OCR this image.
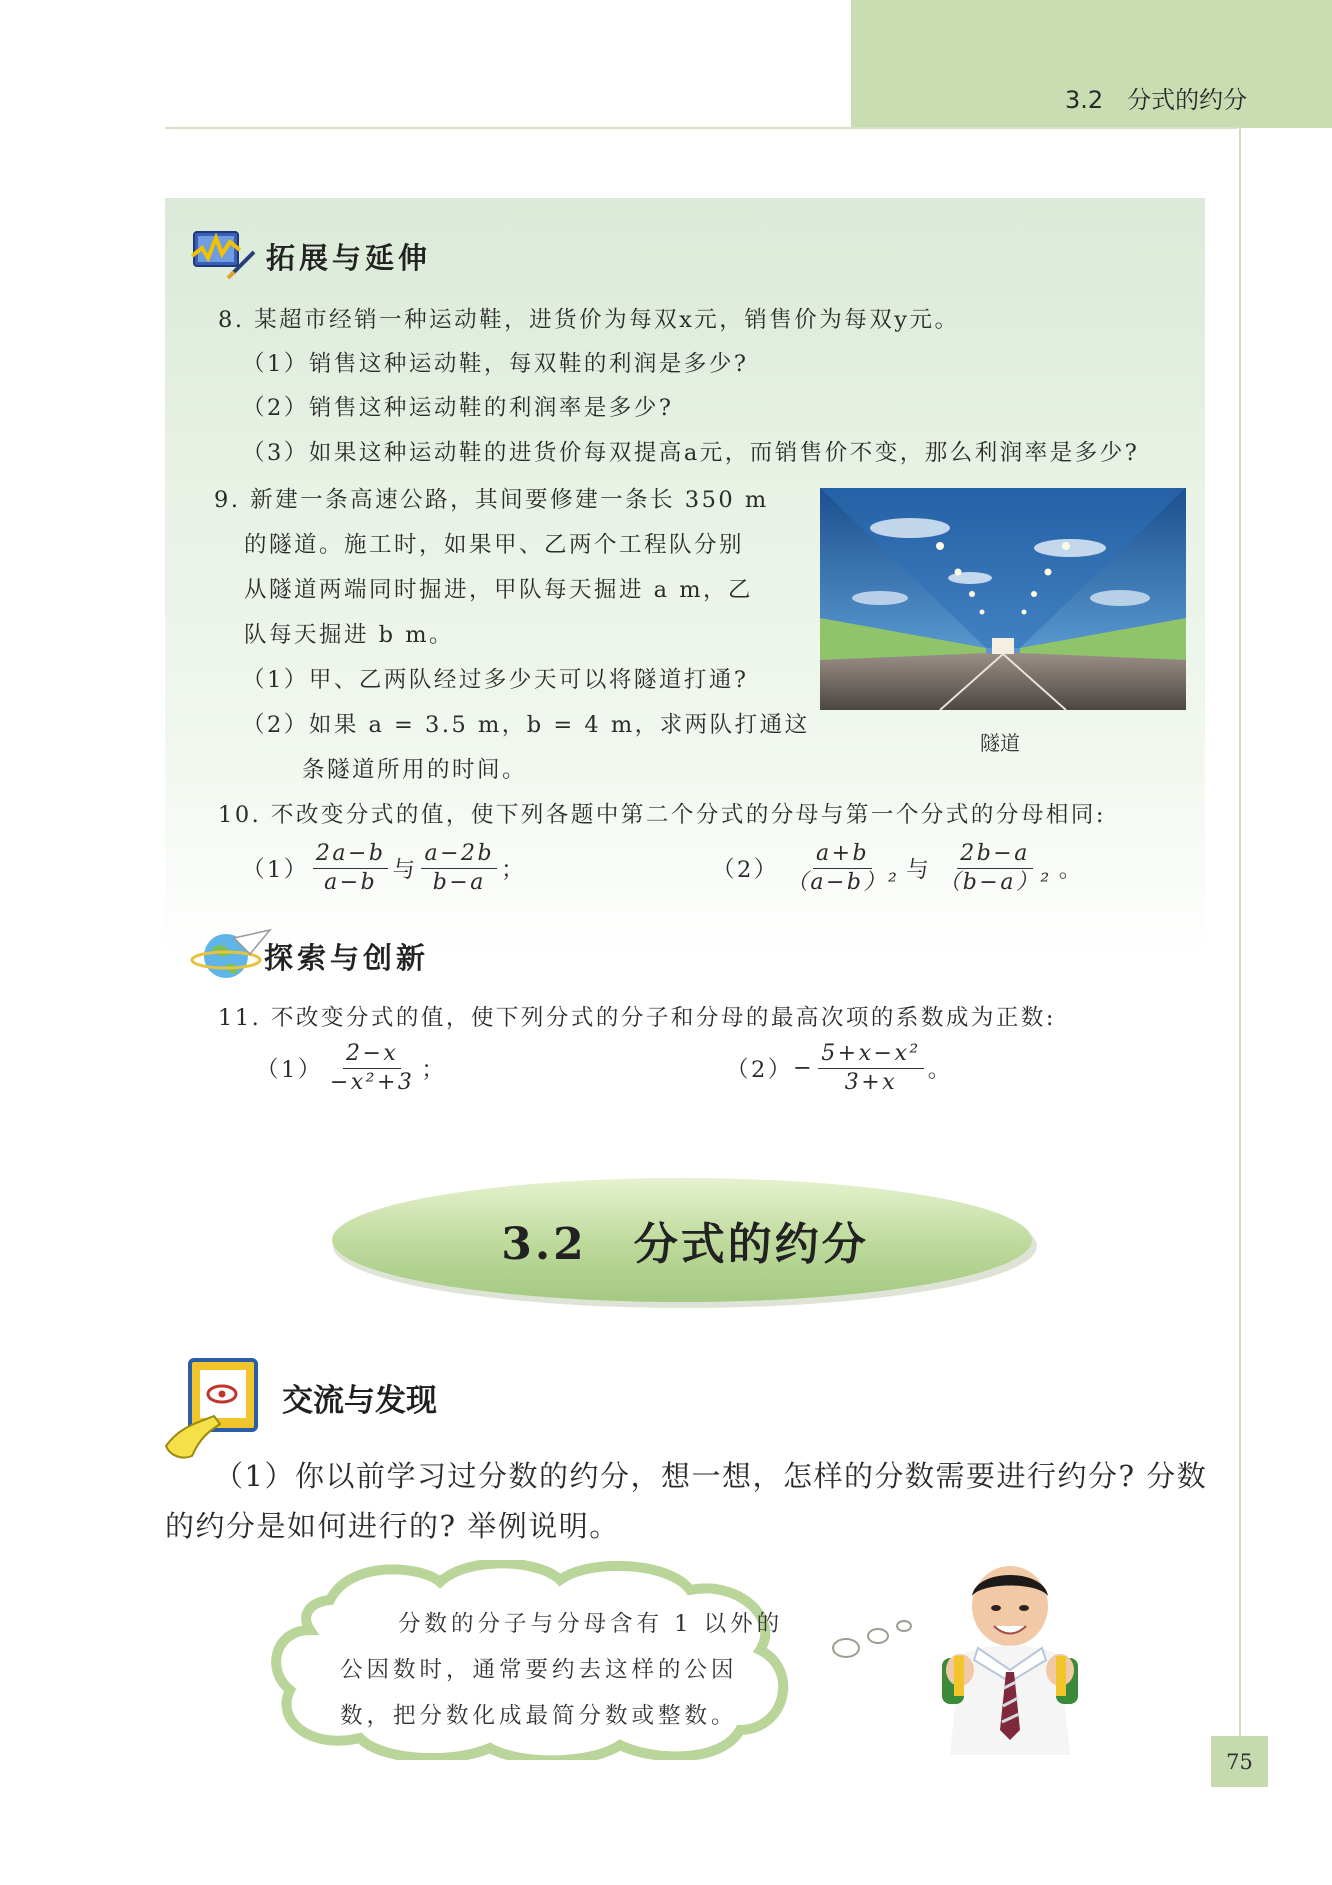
3.2　分式的约分
拓展与延伸
8. 某超市经销一种运动鞋，进货价为每双x元，销售价为每双y元。
（1）销售这种运动鞋，每双鞋的利润是多少?
（2）销售这种运动鞋的利润率是多少?
（3）如果这种运动鞋的进货价每双提高a元，而销售价不变，那么利润率是多少?
9. 新建一条高速公路，其间要修建一条长 350 m
的隧道。施工时，如果甲、乙两个工程队分别
从隧道两端同时掘进，甲队每天掘进 a m，乙
队每天掘进 b m。
（1）甲、乙两队经过多少天可以将隧道打通?
（2）如果 a = 3.5 m，b = 4 m，求两队打通这
条隧道所用的时间。
隧道
10. 不改变分式的值，使下列各题中第二个分式的分母与第一个分式的分母相同:
$(1) \frac{2a-b}{a-b}$ 与 $\frac{a-2b}{b-a}$ ；	$(2) \frac{a+b}{\text{（a−b）²}}$ 与 $\frac{2b-a}{\text{（b−a）²}}$ 。
探索与创新
11. 不改变分式的值，使下列分式的分子和分母的最高次项的系数成为正数:
$(1) \frac{2-x}{\text{−x²+3}}$ ；	$(2) - \frac{\text{5+x−x²}}{3+x}$ 。
3.2　分式的约分
交流与发现
（1）你以前学习过分数的约分，想一想，怎样的分数需要进行约分? 分数
的约分是如何进行的? 举例说明。
分数的分子与分母含有 1 以外的
公因数时，通常要约去这样的公因
数，把分数化成最简分数或整数。
75
